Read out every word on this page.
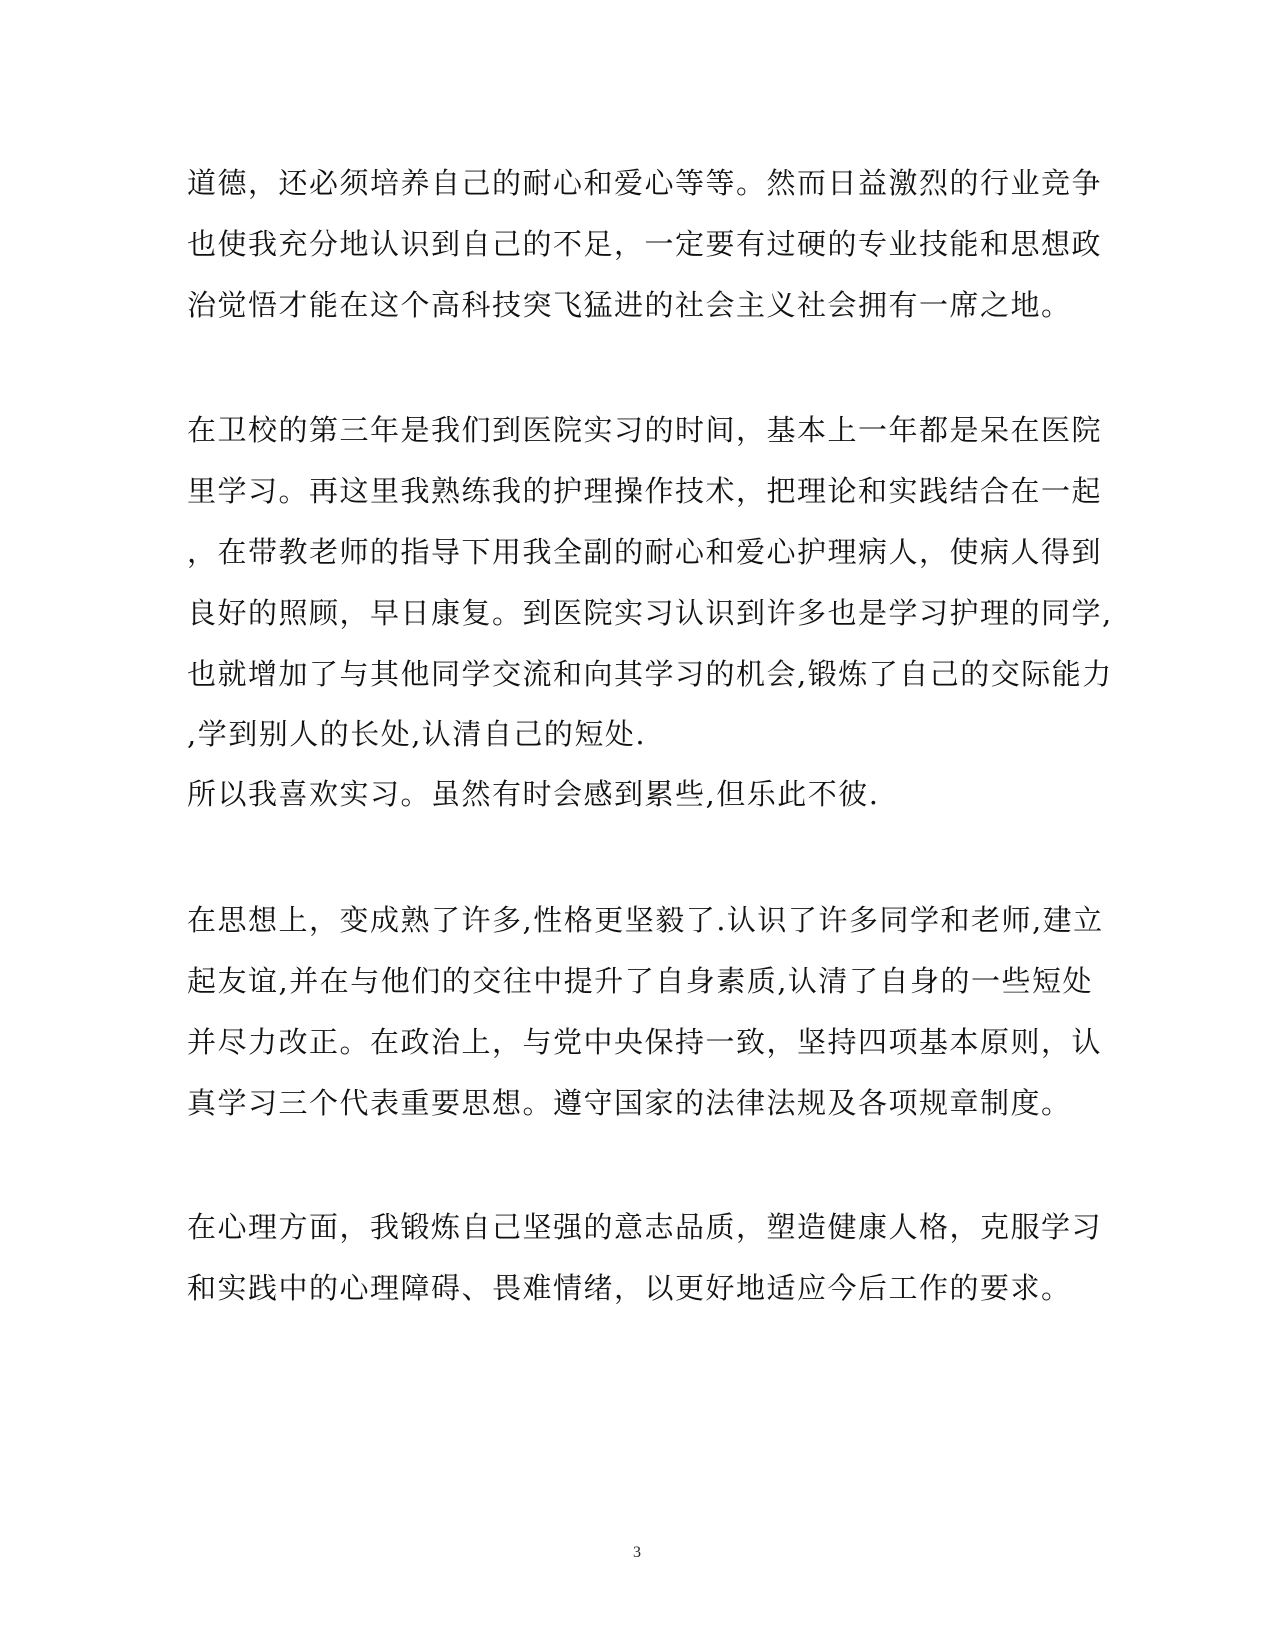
道德，还必须培养自己的耐心和爱心等等。然而日益激烈的行业竞争
也使我充分地认识到自己的不足，一定要有过硬的专业技能和思想政
治觉悟才能在这个高科技突飞猛进的社会主义社会拥有一席之地。
在卫校的第三年是我们到医院实习的时间，基本上一年都是呆在医院
里学习。再这里我熟练我的护理操作技术，把理论和实践结合在一起
，在带教老师的指导下用我全副的耐心和爱心护理病人，使病人得到
良好的照顾，早日康复。到医院实习认识到许多也是学习护理的同学,
也就增加了与其他同学交流和向其学习的机会,锻炼了自己的交际能力
,学到别人的长处,认清自己的短处.
所以我喜欢实习。虽然有时会感到累些,但乐此不彼.
在思想上，变成熟了许多,性格更坚毅了.认识了许多同学和老师,建立
起友谊,并在与他们的交往中提升了自身素质,认清了自身的一些短处
并尽力改正。在政治上，与党中央保持一致，坚持四项基本原则，认
真学习三个代表重要思想。遵守国家的法律法规及各项规章制度。
在心理方面，我锻炼自己坚强的意志品质，塑造健康人格，克服学习
和实践中的心理障碍、畏难情绪，以更好地适应今后工作的要求。
3
